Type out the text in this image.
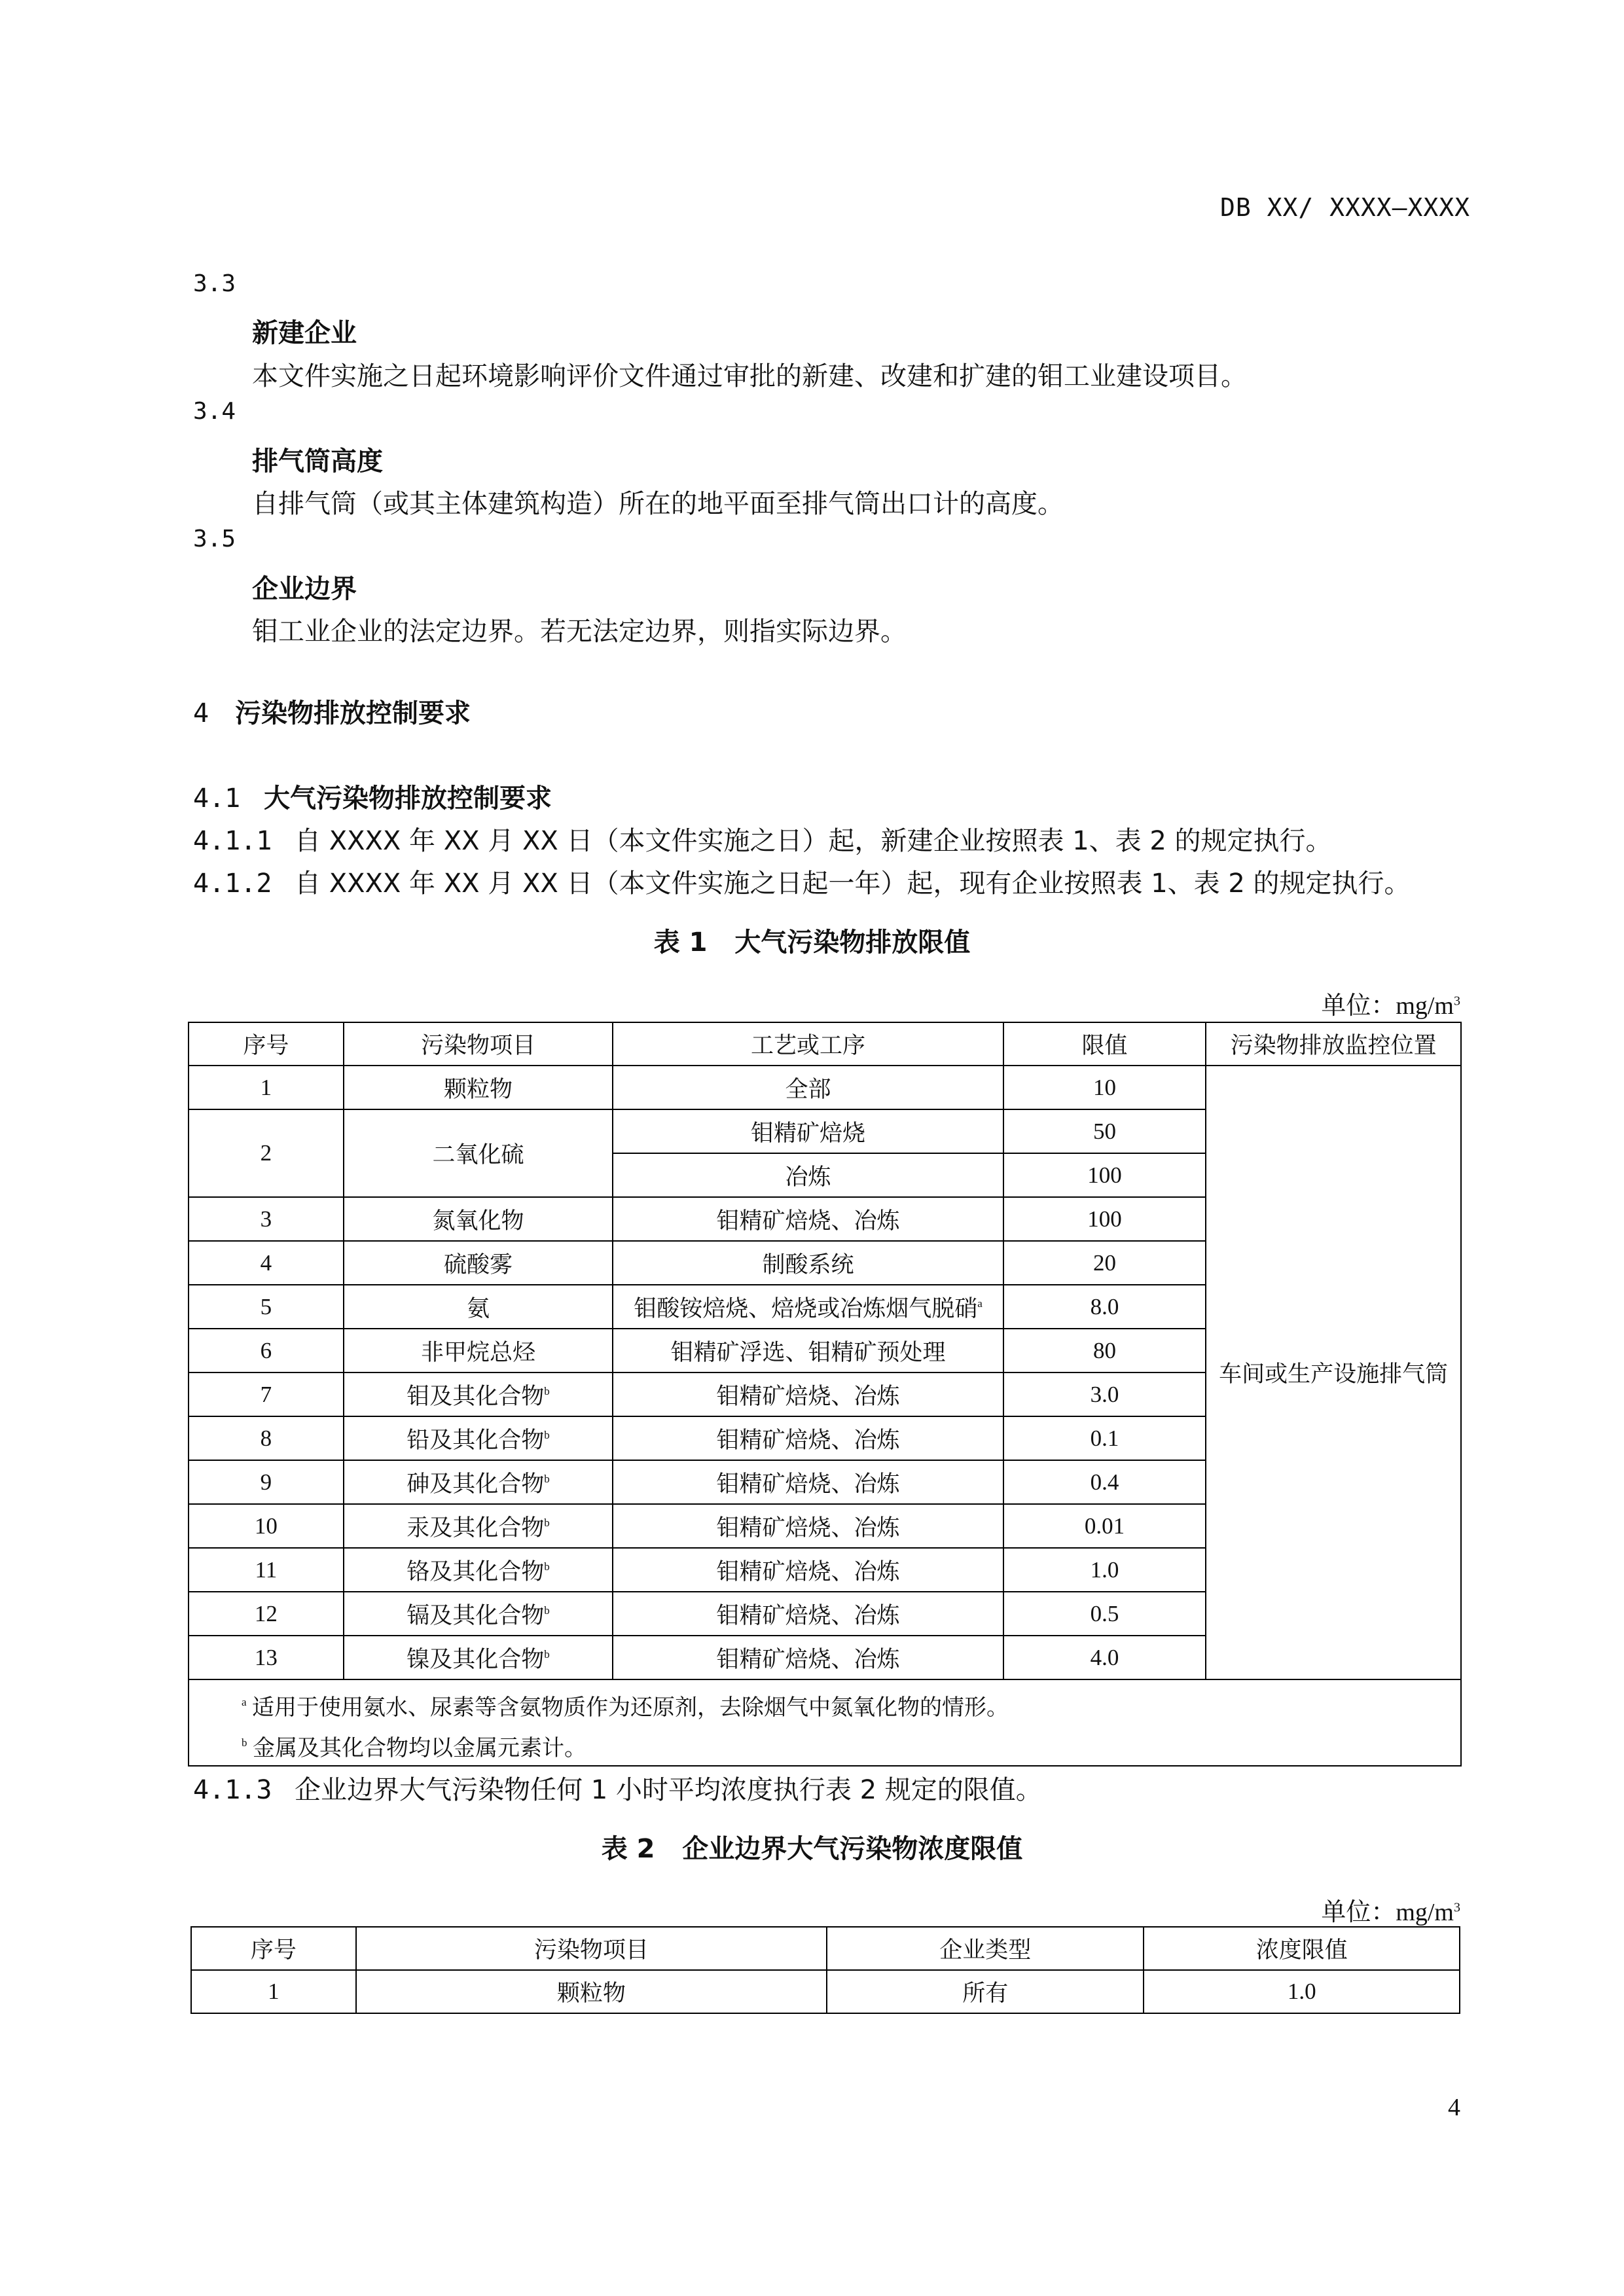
DB XX/ XXXX—XXXX
3.3
新建企业
本文件实施之日起环境影响评价文件通过审批的新建、改建和扩建的钼工业建设项目。
3.4
排气筒高度
自排气筒（或其主体建筑构造）所在的地平面至排气筒出口计的高度。
3.5
企业边界
钼工业企业的法定边界。若无法定边界，则指实际边界。
4 污染物排放控制要求
4.1 大气污染物排放控制要求
4.1.1 自 XXXX 年 XX 月 XX 日（本文件实施之日）起，新建企业按照表 1、表 2 的规定执行。
4.1.2 自 XXXX 年 XX 月 XX 日（本文件实施之日起一年）起，现有企业按照表 1、表 2 的规定执行。
表 1   大气污染物排放限值
单位：$mg/m^3$
序号	污染物项目	工艺或工序	限值	污染物排放监控位置
1	颗粒物	全部	10	车间或生产设施排气筒
2	二氧化硫	钼精矿焙烧	50	
		冶炼	100	
3	氮氧化物	钼精矿焙烧、冶炼	100	
4	硫酸雾	制酸系统	20	
5	氨	钼酸铵焙烧、焙烧或冶炼烟气脱硝$^a$	8.0	
6	非甲烷总烃	钼精矿浮选、钼精矿预处理	80	
7	钼及其化合物$^b$	钼精矿焙烧、冶炼	3.0	
8	铅及其化合物$^b$	钼精矿焙烧、冶炼	0.1	
9	砷及其化合物$^b$	钼精矿焙烧、冶炼	0.4	
10	汞及其化合物$^b$	钼精矿焙烧、冶炼	0.01	
11	铬及其化合物$^b$	钼精矿焙烧、冶炼	1.0	
12	镉及其化合物$^b$	钼精矿焙烧、冶炼	0.5	
13	镍及其化合物$^b$	钼精矿焙烧、冶炼	4.0	

$^a$ 适用于使用氨水、尿素等含氨物质作为还原剂，去除烟气中氮氧化物的情形。
$^b$ 金属及其化合物均以金属元素计。				
4.1.3 企业边界大气污染物任何 1 小时平均浓度执行表 2 规定的限值。
表 2   企业边界大气污染物浓度限值
单位：$mg/m^3$
序号	污染物项目	企业类型	浓度限值
1	颗粒物	所有	1.0
4
